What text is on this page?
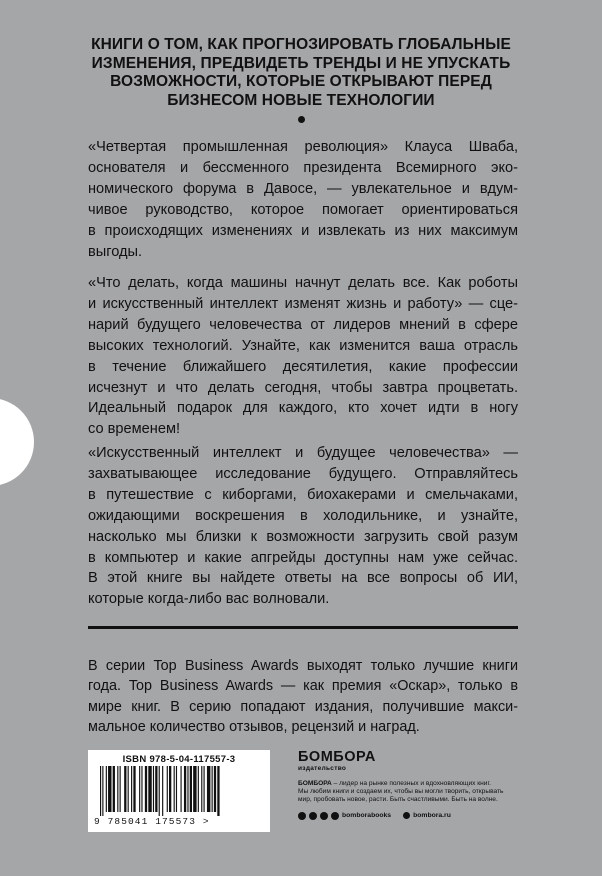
КНИГИ О ТОМ, КАК ПРОГНОЗИРОВАТЬ ГЛОБАЛЬНЫЕ
ИЗМЕНЕНИЯ, ПРЕДВИДЕТЬ ТРЕНДЫ И НЕ УПУСКАТЬ
ВОЗМОЖНОСТИ, КОТОРЫЕ ОТКРЫВАЮТ ПЕРЕД
БИЗНЕСОМ НОВЫЕ ТЕХНОЛОГИИ

«Четвертая промышленная революция» Клауса Шваба,
основателя и бессменного президента Всемирного эко-
номического форума в Давосе, — увлекательное и вдум-
чивое руководство, которое помогает ориентироваться
в происходящих изменениях и извлекать из них максимум
выгоды.

«Что делать, когда машины начнут делать все. Как роботы
и искусственный интеллект изменят жизнь и работу» — сце-
нарий будущего человечества от лидеров мнений в сфере
высоких технологий. Узнайте, как изменится ваша отрасль
в течение ближайшего десятилетия, какие профессии
исчезнут и что делать сегодня, чтобы завтра процветать.
Идеальный подарок для каждого, кто хочет идти в ногу
со временем!

«Искусственный интеллект и будущее человечества» —
захватывающее исследование будущего. Отправляйтесь
в путешествие с киборгами, биохакерами и смельчаками,
ожидающими воскрешения в холодильнике, и узнайте,
насколько мы близки к возможности загрузить свой разум
в компьютер и какие апгрейды доступны нам уже сейчас.
В этой книге вы найдете ответы на все вопросы об ИИ,
которые когда-либо вас волновали.

В серии Top Business Awards выходят только лучшие книги
года. Top Business Awards — как премия «Оскар», только в
мире книг. В серию попадают издания, получившие макси-
мальное количество отзывов, рецензий и наград.

ISBN 978-5-04-117557-3
9 785041 175573 >
БОМБОРА
издательство
БОМБОРА – лидер на рынке полезных и вдохновляющих книг.
Мы любим книги и создаем их, чтобы вы могли творить, открывать
мир, пробовать новое, расти. Быть счастливыми. Быть на волне.
bomborabooks	bombora.ru
